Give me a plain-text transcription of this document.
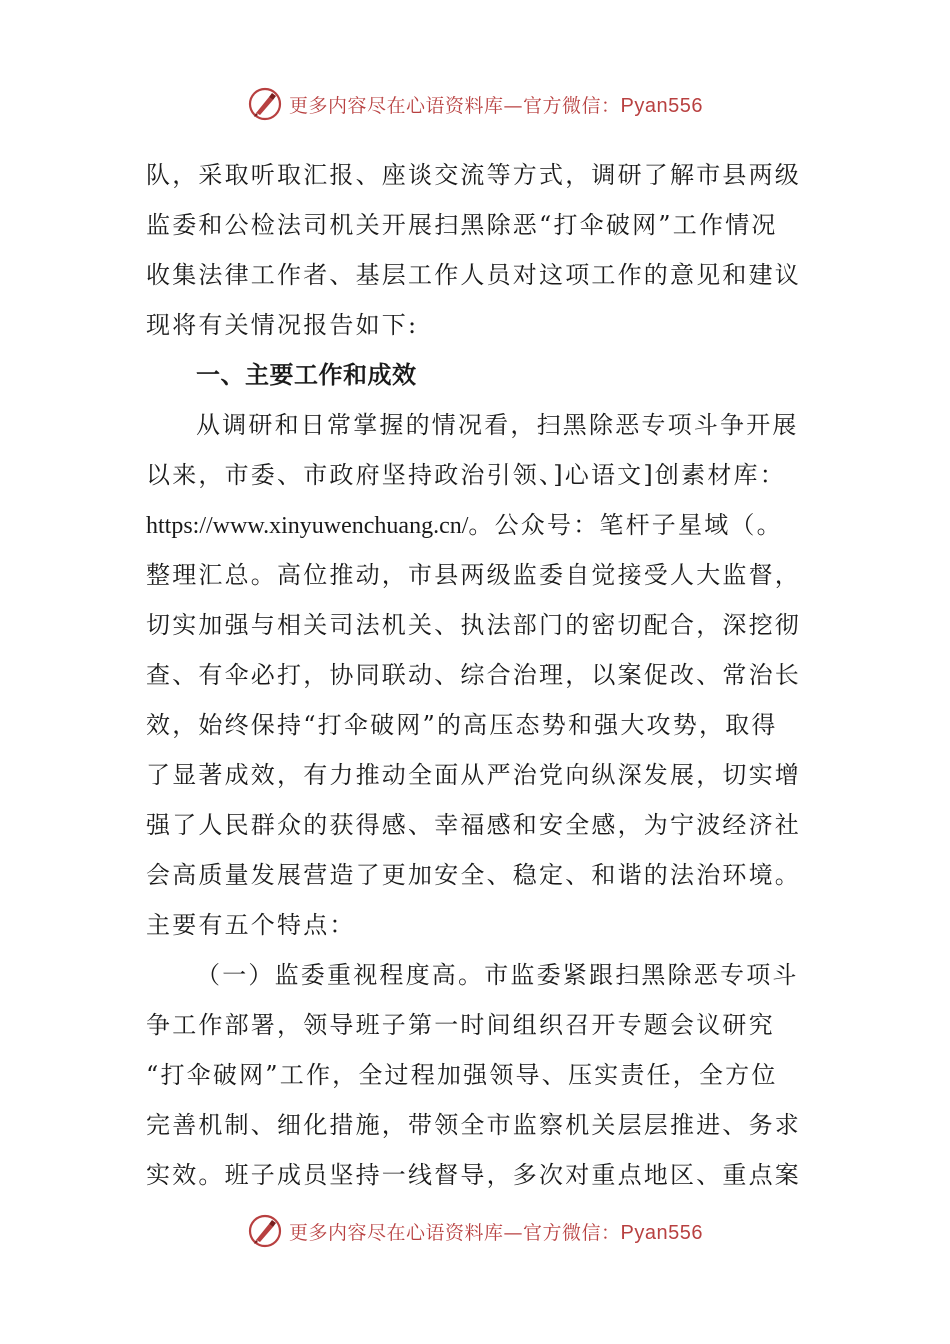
更多内容尽在心语资料库—官方微信：Pyan556
队，采取听取汇报、座谈交流等方式，调研了解市县两级
监委和公检法司机关开展扫黑除恶“打伞破网”工作情况
收集法律工作者、基层工作人员对这项工作的意见和建议
现将有关情况报告如下:
一、主要工作和成效
从调研和日常掌握的情况看，扫黑除恶专项斗争开展
以来，市委、市政府坚持政治引领、]心语文]创素材库：
https://www.xinyuwenchuang.cn/。公众号：笔杆子星域（。
整理汇总。高位推动，市县两级监委自觉接受人大监督，
切实加强与相关司法机关、执法部门的密切配合，深挖彻
查、有伞必打，协同联动、综合治理，以案促改、常治长
效，始终保持“打伞破网”的高压态势和强大攻势，取得
了显著成效，有力推动全面从严治党向纵深发展，切实增
强了人民群众的获得感、幸福感和安全感，为宁波经济社
会高质量发展营造了更加安全、稳定、和谐的法治环境。
主要有五个特点：
（一）监委重视程度高。市监委紧跟扫黑除恶专项斗
争工作部署，领导班子第一时间组织召开专题会议研究
“打伞破网”工作，全过程加强领导、压实责任，全方位
完善机制、细化措施，带领全市监察机关层层推进、务求
实效。班子成员坚持一线督导，多次对重点地区、重点案
更多内容尽在心语资料库—官方微信：Pyan556
